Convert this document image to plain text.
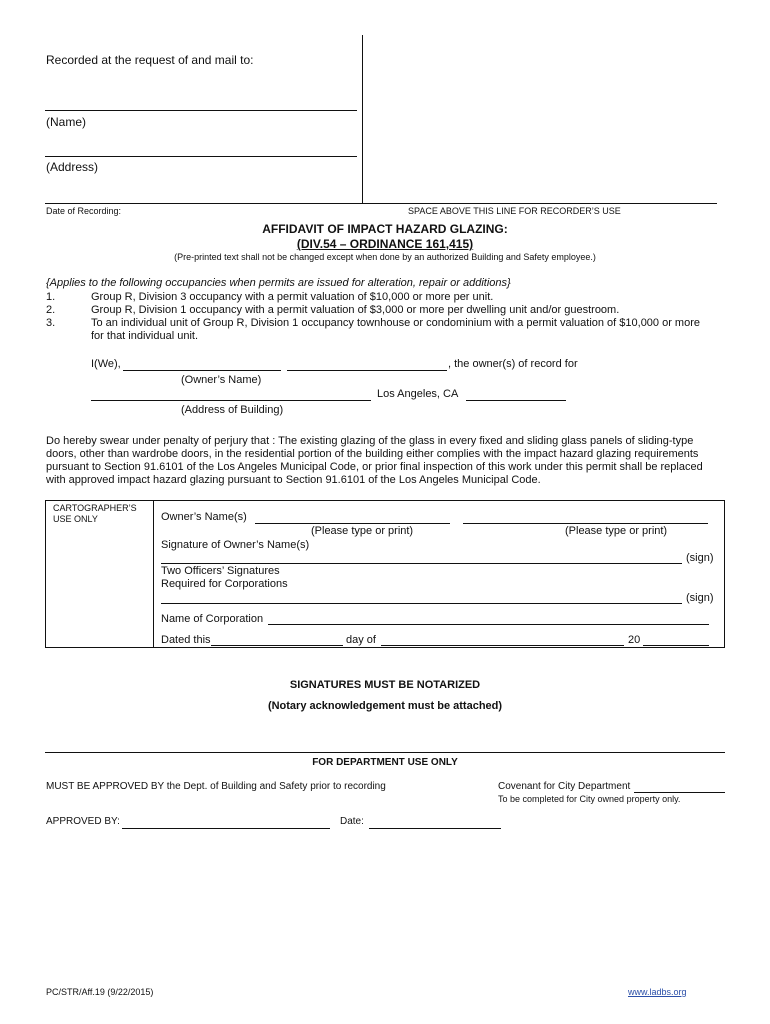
Recorded at the request of and mail to:
(Name)
(Address)
Date of Recording:	SPACE ABOVE THIS LINE FOR RECORDER’S USE
AFFIDAVIT OF IMPACT HAZARD GLAZING:
(DIV.54 – ORDINANCE 161,415)
(Pre-printed text shall not be changed except when done by an authorized Building and Safety employee.)
{Applies to the following occupancies when permits are issued for alteration, repair or additions}
1.	Group R, Division 3 occupancy with a permit valuation of $10,000 or more per unit.
2.	Group R, Division 1 occupancy with a permit valuation of $3,000 or more per dwelling unit and/or guestroom.
3.	To an individual unit of Group R, Division 1 occupancy townhouse or condominium with a permit valuation of $10,000 or more
for that individual unit.
I(We),	, the owner(s) of record for
(Owner’s Name)
Los Angeles, CA
(Address of Building)
Do hereby swear under penalty of perjury that : The existing glazing of the glass in every fixed and sliding glass panels of sliding-type
doors, other than wardrobe doors, in the residential portion of the building either complies with the impact hazard glazing requirements
pursuant to Section 91.6101 of the Los Angeles Municipal Code, or prior final inspection of this work under this permit shall be replaced
with approved impact hazard glazing pursuant to Section 91.6101 of the Los Angeles Municipal Code.
CARTOGRAPHER’S
USE ONLY	Owner’s Name(s)
(Please type or print)	(Please type or print)
Signature of Owner’s Name(s)
(sign)
Two Officers’ Signatures
Required for Corporations
(sign)
Name of Corporation
Dated this	day of	20
SIGNATURES MUST BE NOTARIZED
(Notary acknowledgement must be attached)
FOR DEPARTMENT USE ONLY
MUST BE APPROVED BY the Dept. of Building and Safety prior to recording	Covenant for City Department
To be completed for City owned property only.
APPROVED BY:	Date:
PC/STR/Aff.19 (9/22/2015)	www.ladbs.org
